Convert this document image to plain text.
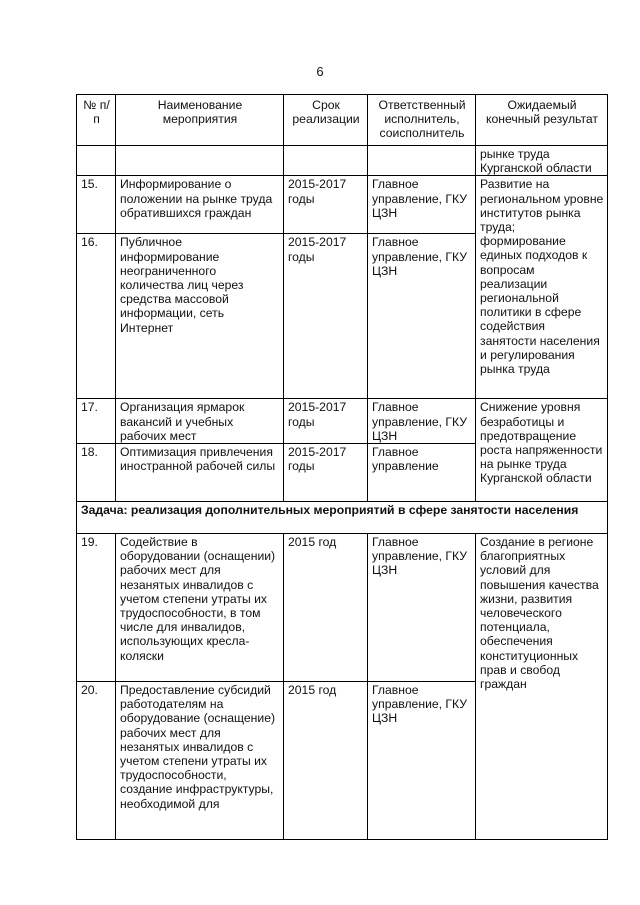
6
№ п/п	Наименование мероприятия	Срок реализации	Ответственный исполнитель, соисполнитель	Ожидаемый конечный результат
				рынке труда Курганской области
15.	Информирование о положении на рынке труда обратившихся граждан	2015-2017 годы	Главное управление, ГКУ ЦЗН	Развитие на региональном уровне институтов рынка труда; формирование единых подходов к вопросам реализации региональной политики в сфере содействия занятости населения и регулирования рынка труда
16.	Публичное информирование неограниченного количества лиц через средства массовой информации, сеть Интернет	2015-2017 годы	Главное управление, ГКУ ЦЗН	
17.	Организация ярмарок вакансий и учебных рабочих мест	2015-2017 годы	Главное управление, ГКУ ЦЗН	Снижение уровня безработицы и предотвращение роста напряженности на рынке труда Курганской области
18.	Оптимизация привлечения иностранной рабочей силы	2015-2017 годы	Главное управление	
Задача: реализация дополнительных мероприятий в сфере занятости населения				
19.	Содействие в оборудовании (оснащении) рабочих мест для незанятых инвалидов с учетом степени утраты их трудоспособности, в том числе для инвалидов, использующих кресла-коляски	2015 год	Главное управление, ГКУ ЦЗН	Создание в регионе благоприятных условий для повышения качества жизни, развития человеческого потенциала, обеспечения конституционных прав и свобод граждан
20.	Предоставление субсидий работодателям на оборудование (оснащение) рабочих мест для незанятых инвалидов с учетом степени утраты их трудоспособности, создание инфраструктуры, необходимой для	2015 год	Главное управление, ГКУ ЦЗН	
